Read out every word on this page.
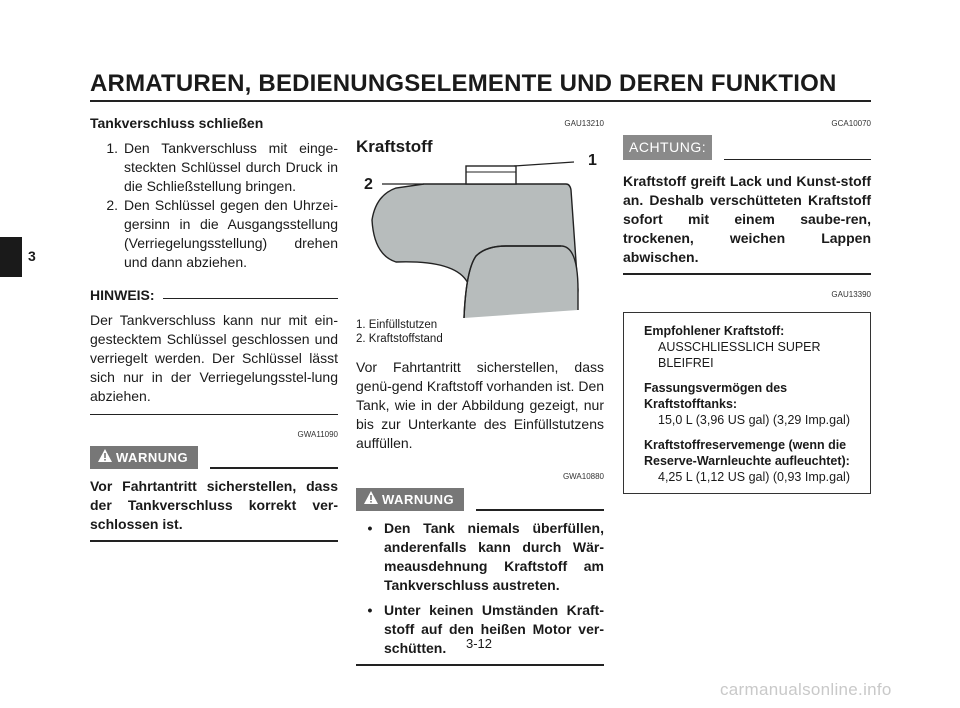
ARMATUREN, BEDIENUNGSELEMENTE UND DEREN FUNKTION
3
Tankverschluss schließen
1. Den Tankverschluss mit einge-steckten Schlüssel durch Druck in die Schließstellung bringen.
2. Den Schlüssel gegen den Uhrzei-gersinn in die Ausgangsstellung (Verriegelungsstellung) drehen und dann abziehen.
HINWEIS:
Der Tankverschluss kann nur mit ein-gestecktem Schlüssel geschlossen und verriegelt werden. Der Schlüssel lässt sich nur in der Verriegelungsstel-lung abziehen.
GWA11090
WARNUNG
Vor Fahrtantritt sicherstellen, dass der Tankverschluss korrekt ver-schlossen ist.
GAU13210
Kraftstoff
1
2
1. Einfüllstutzen
2. Kraftstoffstand
Vor Fahrtantritt sicherstellen, dass genü-gend Kraftstoff vorhanden ist. Den Tank, wie in der Abbildung gezeigt, nur bis zur Unterkante des Einfüllstutzens auffüllen.
GWA10880
WARNUNG
• Den Tank niemals überfüllen, anderenfalls kann durch Wär-meausdehnung Kraftstoff am Tankverschluss austreten.
• Unter keinen Umständen Kraft-stoff auf den heißen Motor ver-schütten.
GCA10070
ACHTUNG:
Kraftstoff greift Lack und Kunst-stoff an. Deshalb verschütteten Kraftstoff sofort mit einem saube-ren, trockenen, weichen Lappen abwischen.
GAU13390
Empfohlener Kraftstoff:
AUSSCHLIESSLICH SUPER
BLEIFREI
Fassungsvermögen des
Kraftstofftanks:
15,0 L (3,96 US gal) (3,29 Imp.gal)
Kraftstoffreservemenge (wenn die
Reserve-Warnleuchte aufleuchtet):
4,25 L (1,12 US gal) (0,93 Imp.gal)
3-12
carmanualsonline.info
